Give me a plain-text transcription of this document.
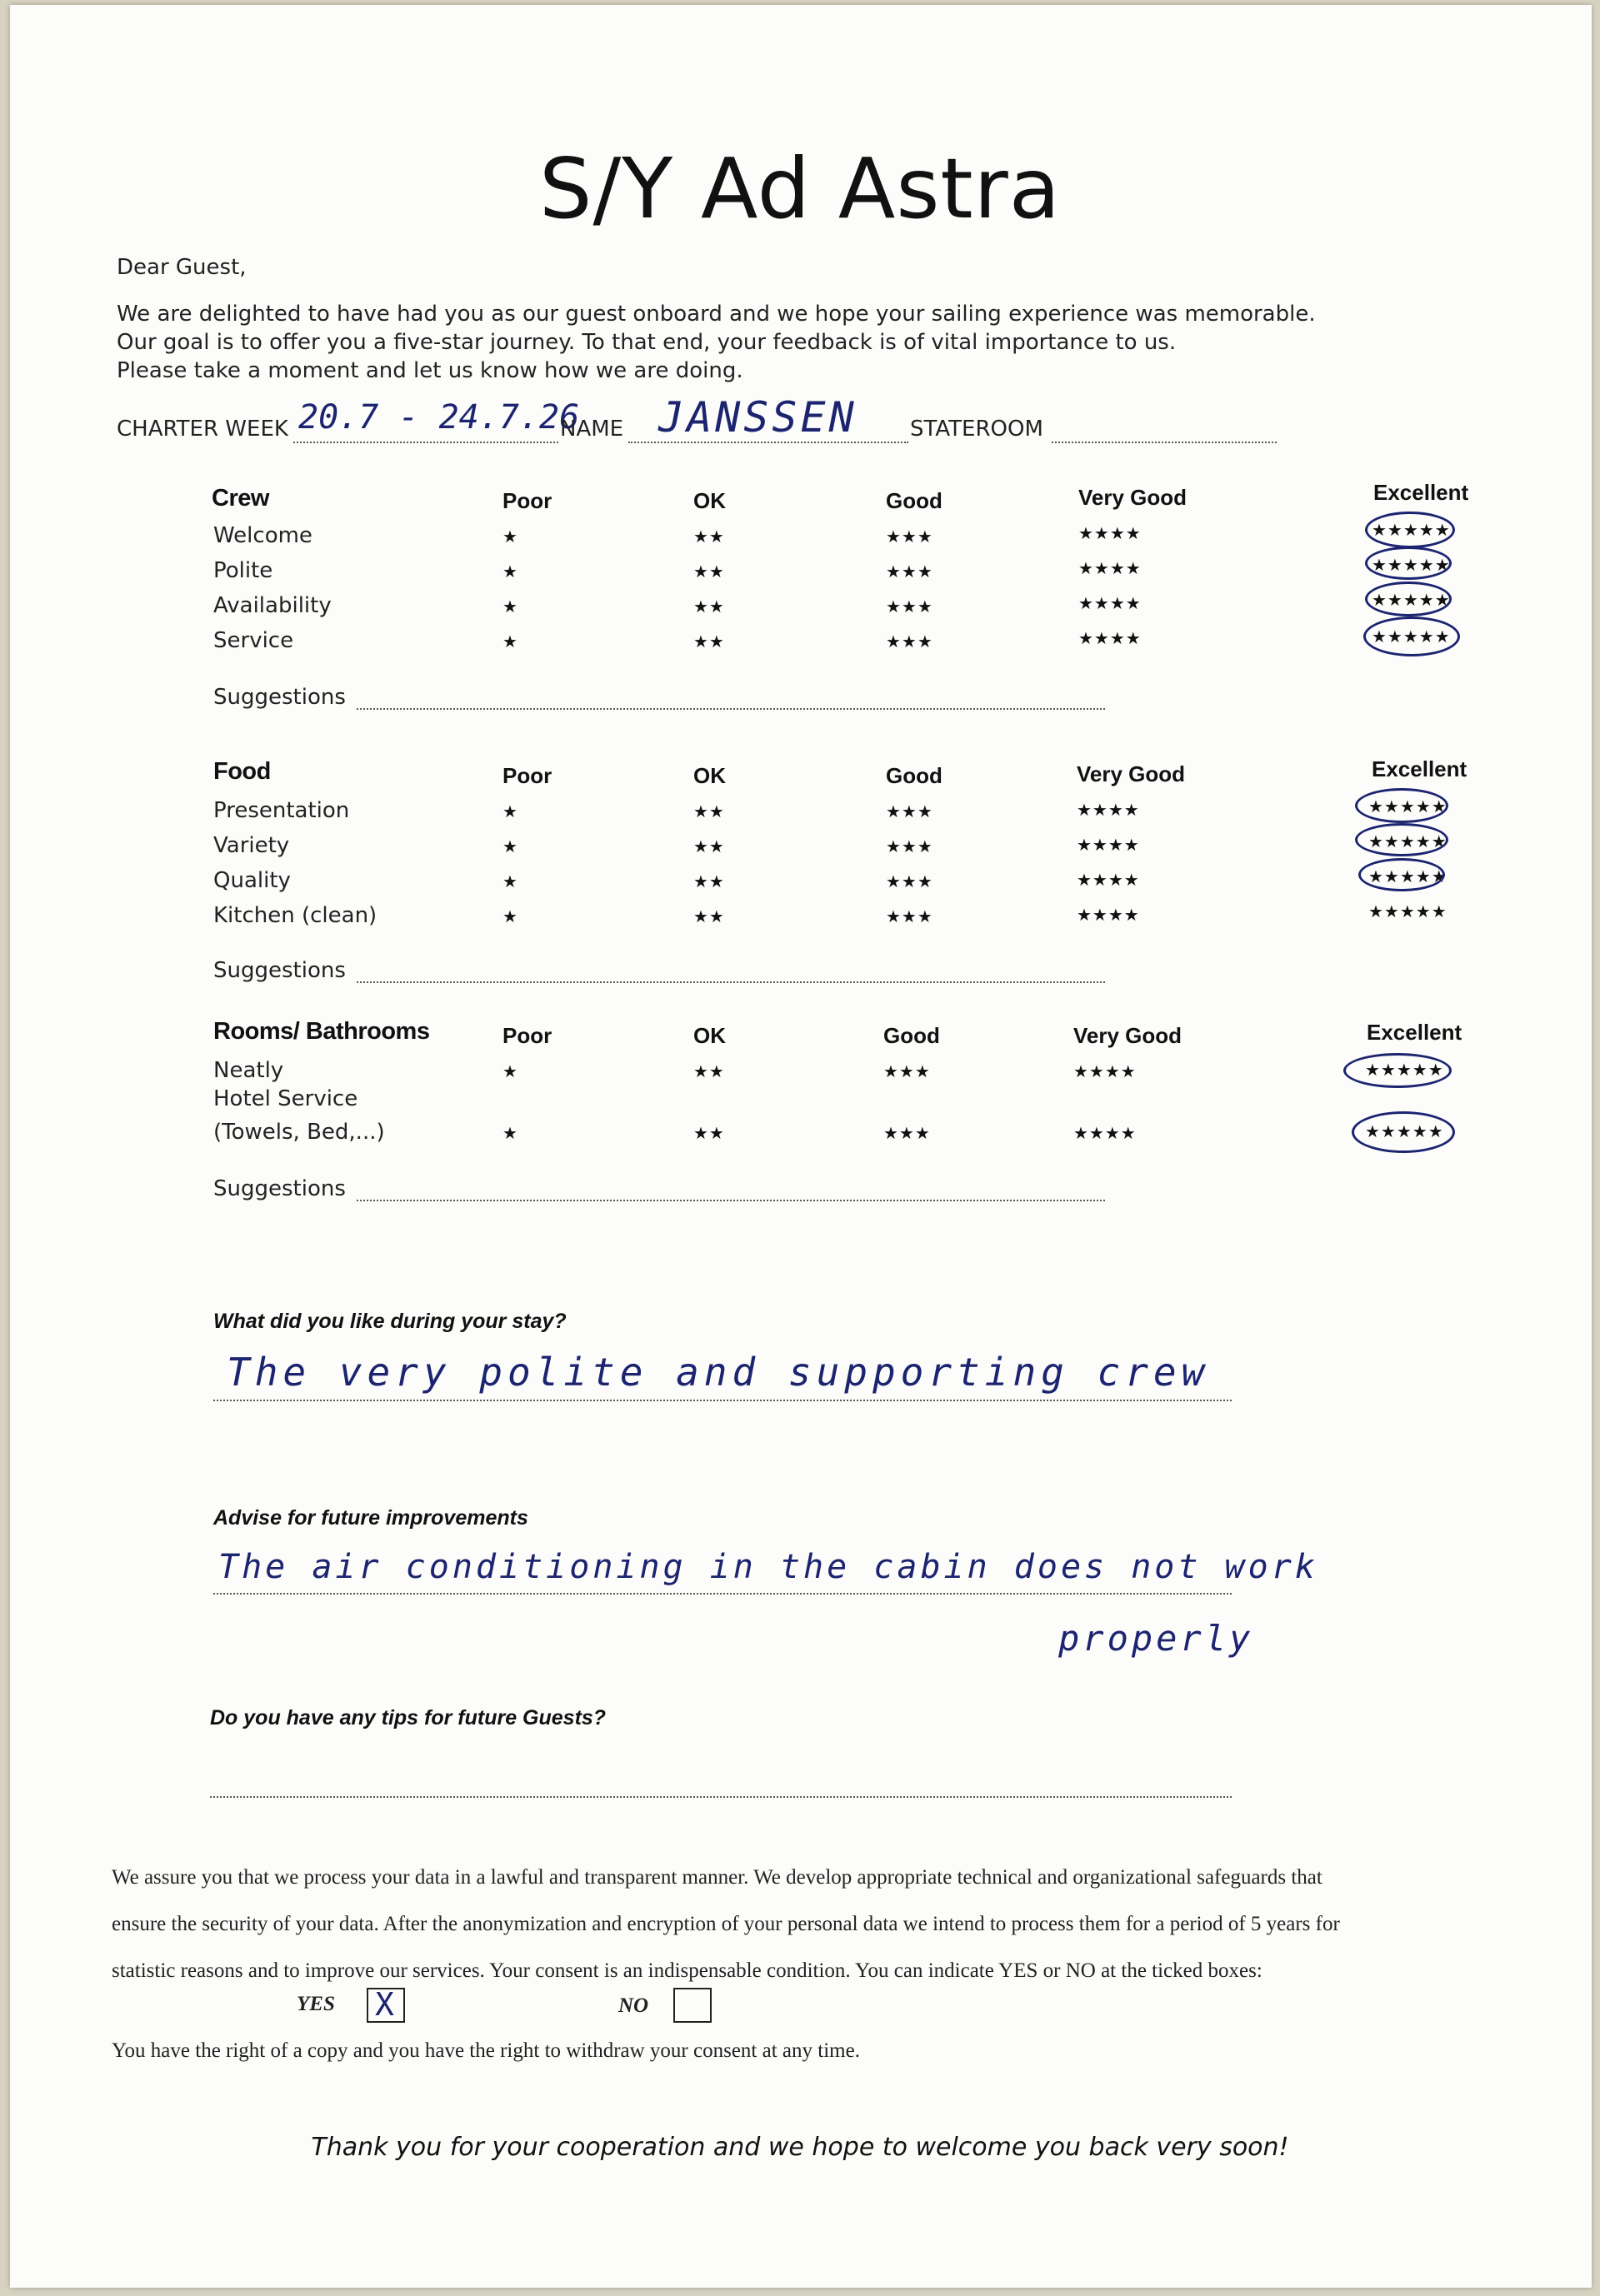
S/Y Ad Astra
Dear Guest,
We are delighted to have had you as our guest onboard and we hope your sailing experience was memorable.
Our goal is to offer you a five-star journey. To that end, your feedback is of vital importance to us.
Please take a moment and let us know how we are doing.
CHARTER WEEK 20.7 - 24.7.26
NAME JANSSEN STATEROOM
Crew	Poor	OK	Good	Very Good	Excellent
Welcome	★	★★	★★★	★★★★	★★★★★
Polite	★	★★	★★★	★★★★	★★★★★
Availability	★	★★	★★★	★★★★	★★★★★
Service	★	★★	★★★	★★★★	★★★★★
Suggestions
Food	Poor	OK	Good	Very Good	Excellent
Presentation	★	★★	★★★	★★★★	★★★★★
Variety	★	★★	★★★	★★★★	★★★★★
Quality	★	★★	★★★	★★★★	★★★★★
Kitchen (clean)	★	★★	★★★	★★★★	★★★★★
Suggestions
Rooms/ Bathrooms	Poor	OK	Good	Very Good	Excellent
Neatly	★	★★	★★★	★★★★	★★★★★
Hotel Service
(Towels, Bed,...)	★	★★	★★★	★★★★	★★★★★
Suggestions
What did you like during your stay?
The very polite and supporting crew
Advise for future improvements
The air conditioning in the cabin does not work
properly
Do you have any tips for future Guests?
We assure you that we process your data in a lawful and transparent manner. We develop appropriate technical and organizational safeguards that
ensure the security of your data. After the anonymization and encryption of your personal data we intend to process them for a period of 5 years for
statistic reasons and to improve our services. Your consent is an indispensable condition. You can indicate YES or NO at the ticked boxes:
YES X	NO
You have the right of a copy and you have the right to withdraw your consent at any time.
Thank you for your cooperation and we hope to welcome you back very soon!
